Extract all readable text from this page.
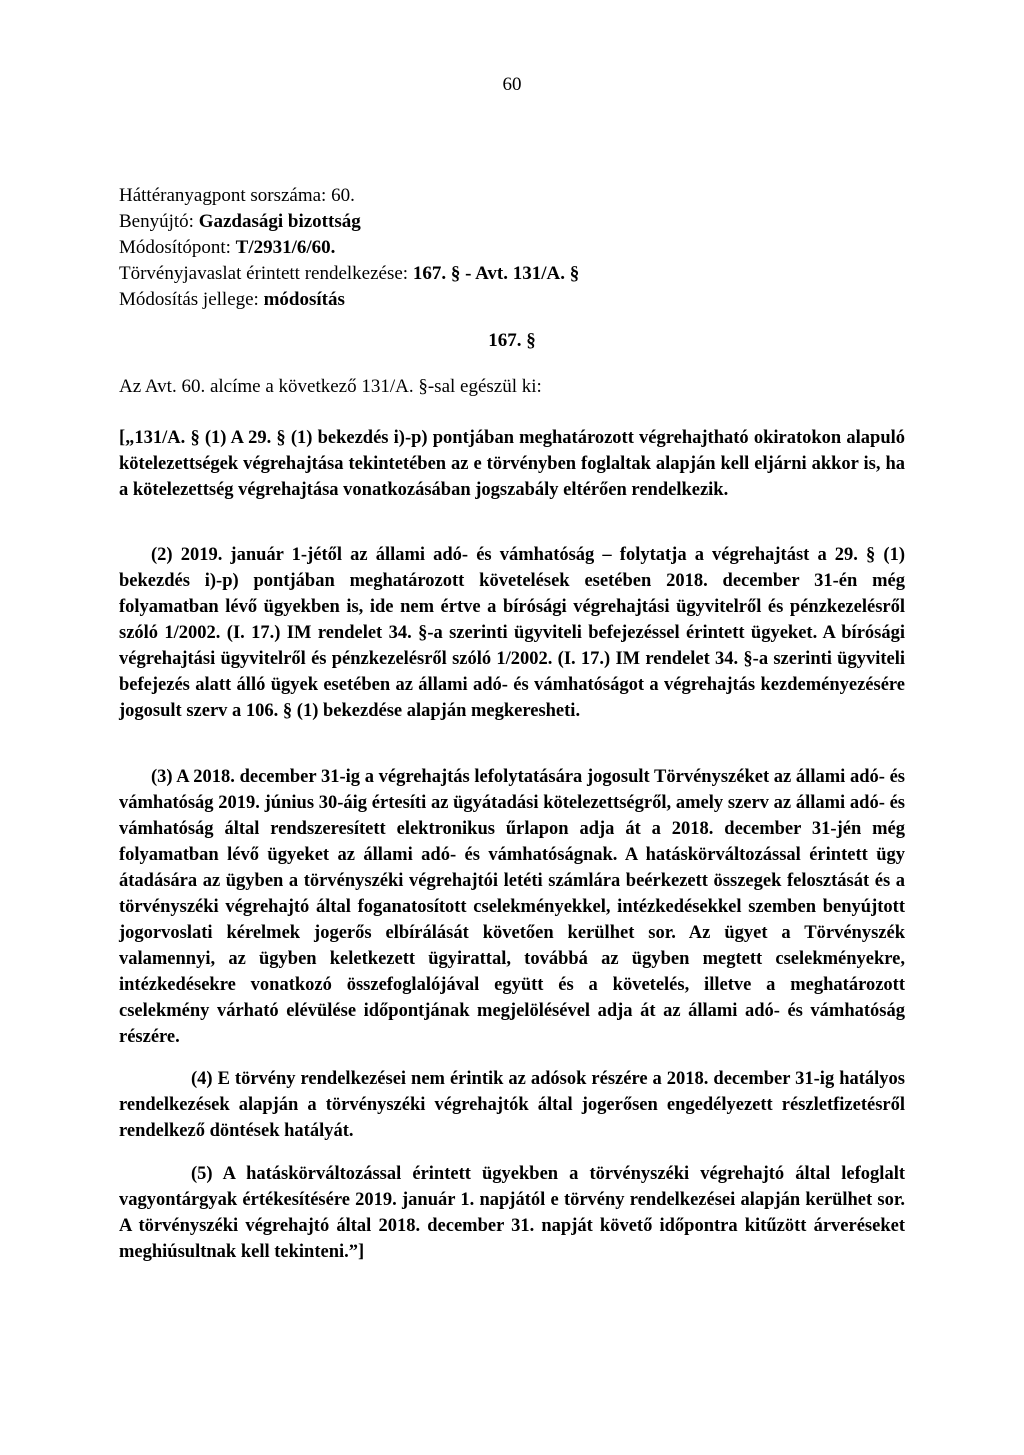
60
Háttéranyagpont sorszáma: 60.
Benyújtó: Gazdasági bizottság
Módosítópont: T/2931/6/60.
Törvényjavaslat érintett rendelkezése: 167. § - Avt. 131/A. §
Módosítás jellege: módosítás
167. §
Az Avt. 60. alcíme a következő 131/A. §-sal egészül ki:
[„131/A. § (1) A 29. § (1) bekezdés i)-p) pontjában meghatározott végrehajtható okiratokon alapuló kötelezettségek végrehajtása tekintetében az e törvényben foglaltak alapján kell eljárni akkor is, ha a kötelezettség végrehajtása vonatkozásában jogszabály eltérően rendelkezik.
(2) 2019. január 1-jétől az állami adó- és vámhatóság – folytatja a végrehajtást a 29. § (1) bekezdés i)-p) pontjában meghatározott követelések esetében 2018. december 31-én még folyamatban lévő ügyekben is, ide nem értve a bírósági végrehajtási ügyvitelről és pénzkezelésről szóló 1/2002. (I. 17.) IM rendelet 34. §-a szerinti ügyviteli befejezéssel érintett ügyeket. A bírósági végrehajtási ügyvitelről és pénzkezelésről szóló 1/2002. (I. 17.) IM rendelet 34. §-a szerinti ügyviteli befejezés alatt álló ügyek esetében az állami adó- és vámhatóságot a végrehajtás kezdeményezésére jogosult szerv a 106. § (1) bekezdése alapján megkeresheti.
(3) A 2018. december 31-ig a végrehajtás lefolytatására jogosult Törvényszéket az állami adó- és vámhatóság 2019. június 30-áig értesíti az ügyátadási kötelezettségről, amely szerv az állami adó- és vámhatóság által rendszeresített elektronikus űrlapon adja át a 2018. december 31-jén még folyamatban lévő ügyeket az állami adó- és vámhatóságnak. A hatáskörváltozással érintett ügy átadására az ügyben a törvényszéki végrehajtói letéti számlára beérkezett összegek felosztását és a törvényszéki végrehajtó által foganatosított cselekményekkel, intézkedésekkel szemben benyújtott jogorvoslati kérelmek jogerős elbírálását követően kerülhet sor. Az ügyet a Törvényszék valamennyi, az ügyben keletkezett ügyirattal, továbbá az ügyben megtett cselekményekre, intézkedésekre vonatkozó összefoglalójával együtt és a követelés, illetve a meghatározott cselekmény várható elévülése időpontjának megjelölésével adja át az állami adó- és vámhatóság részére.
(4) E törvény rendelkezései nem érintik az adósok részére a 2018. december 31-ig hatályos rendelkezések alapján a törvényszéki végrehajtók által jogerősen engedélyezett részletfizetésről rendelkező döntések hatályát.
(5) A hatáskörváltozással érintett ügyekben a törvényszéki végrehajtó által lefoglalt vagyontárgyak értékesítésére 2019. január 1. napjától e törvény rendelkezései alapján kerülhet sor. A törvényszéki végrehajtó által 2018. december 31. napját követő időpontra kitűzött árveréseket meghiúsultnak kell tekinteni.”]
